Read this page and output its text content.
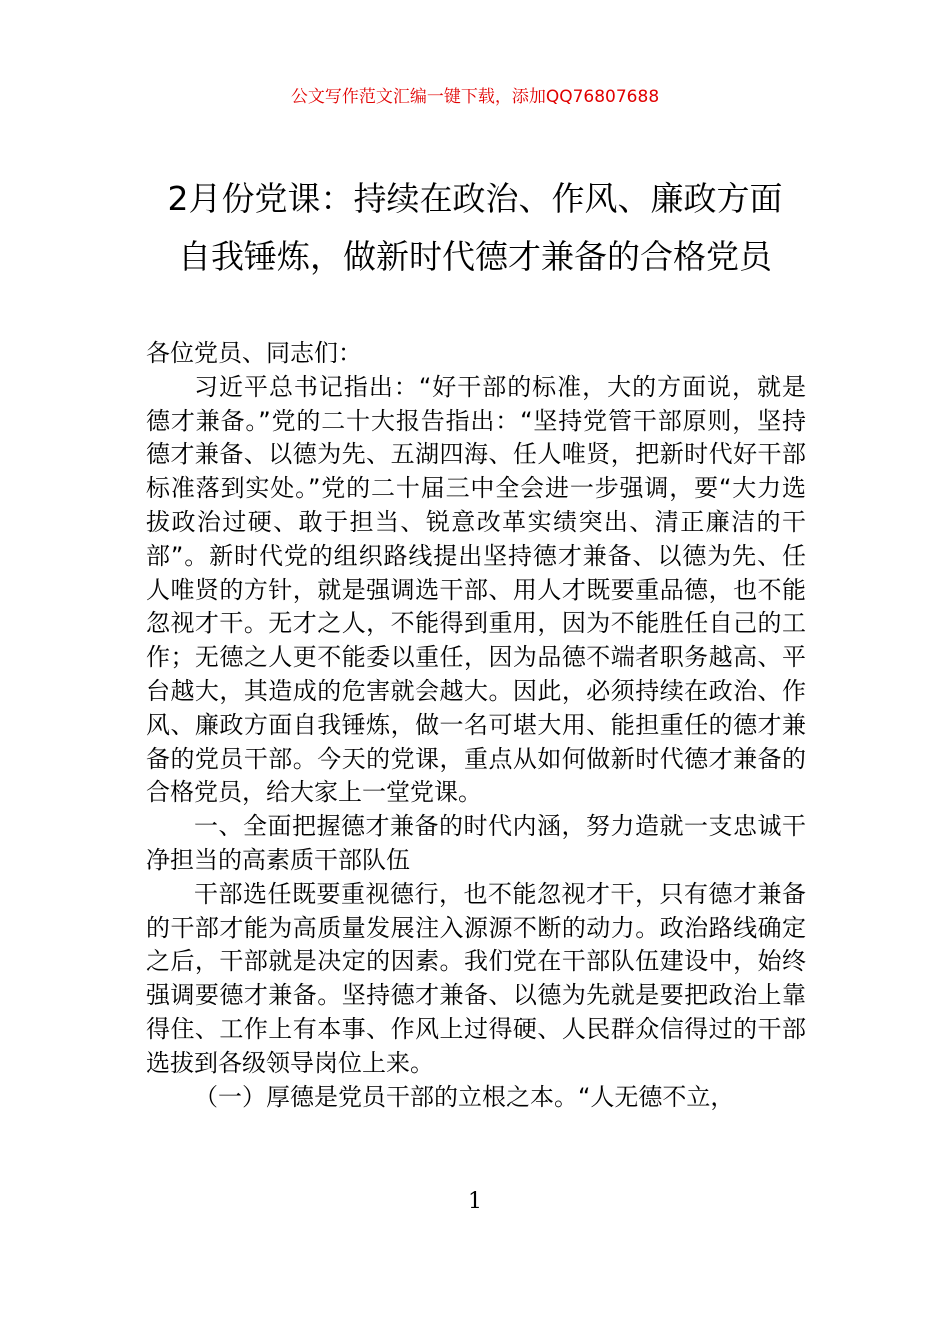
公文写作范文汇编一键下载，添加QQ76807688
2月份党课：持续在政治、作风、廉政方面
自我锤炼，做新时代德才兼备的合格党员

各位党员、同志们：

习近平总书记指出：“好干部的标准，大的方面说，就是德才兼备。”党的二十大报告指出：“坚持党管干部原则，坚持德才兼备、以德为先、五湖四海、任人唯贤，把新时代好干部标准落到实处。”党的二十届三中全会进一步强调，要“大力选拔政治过硬、敢于担当、锐意改革实绩突出、清正廉洁的干部”。新时代党的组织路线提出坚持德才兼备、以德为先、任人唯贤的方针，就是强调选干部、用人才既要重品德，也不能忽视才干。无才之人，不能得到重用，因为不能胜任自己的工作；无德之人更不能委以重任，因为品德不端者职务越高、平台越大，其造成的危害就会越大。因此，必须持续在政治、作风、廉政方面自我锤炼，做一名可堪大用、能担重任的德才兼备的党员干部。今天的党课，重点从如何做新时代德才兼备的合格党员，给大家上一堂党课。

一、全面把握德才兼备的时代内涵，努力造就一支忠诚干净担当的高素质干部队伍

干部选任既要重视德行，也不能忽视才干，只有德才兼备的干部才能为高质量发展注入源源不断的动力。政治路线确定之后，干部就是决定的因素。我们党在干部队伍建设中，始终强调要德才兼备。坚持德才兼备、以德为先就是要把政治上靠得住、工作上有本事、作风上过得硬、人民群众信得过的干部选拔到各级领导岗位上来。

（一）厚德是党员干部的立根之本。“人无德不立，

1
